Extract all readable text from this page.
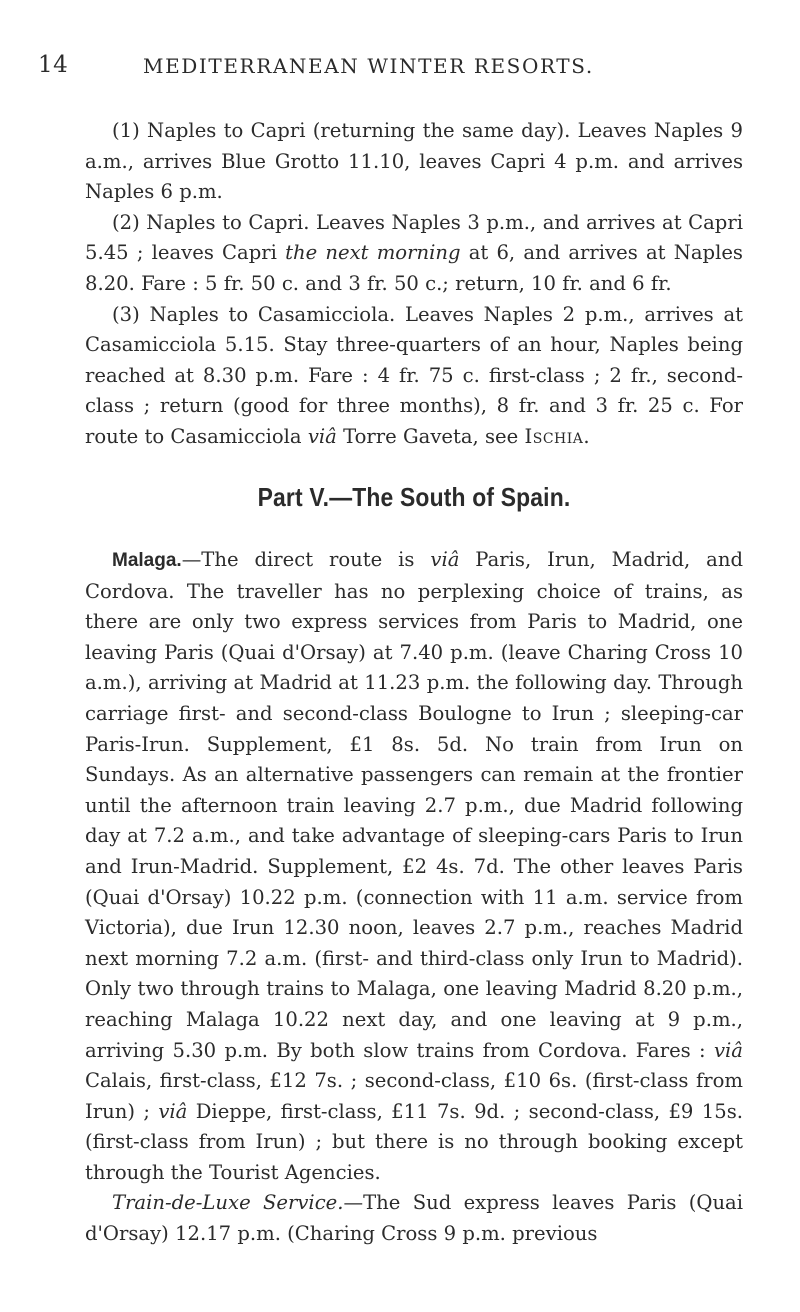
14	MEDITERRANEAN WINTER RESORTS.

(1) Naples to Capri (returning the same day). Leaves Naples 9 a.m., arrives Blue Grotto 11.10, leaves Capri 4 p.m. and arrives Naples 6 p.m.

(2) Naples to Capri. Leaves Naples 3 p.m., and arrives at Capri 5.45 ; leaves Capri the next morning at 6, and arrives at Naples 8.20. Fare : 5 fr. 50 c. and 3 fr. 50 c.; return, 10 fr. and 6 fr.

(3) Naples to Casamicciola. Leaves Naples 2 p.m., arrives at Casamicciola 5.15. Stay three-quarters of an hour, Naples being reached at 8.30 p.m. Fare : 4 fr. 75 c. first-class ; 2 fr., second-class ; return (good for three months), 8 fr. and 3 fr. 25 c. For route to Casamicciola viâ Torre Gaveta, see Ischia.

Part V.—The South of Spain.

Malaga.—The direct route is viâ Paris, Irun, Madrid, and Cordova. The traveller has no perplexing choice of trains, as there are only two express services from Paris to Madrid, one leaving Paris (Quai d'Orsay) at 7.40 p.m. (leave Charing Cross 10 a.m.), arriving at Madrid at 11.23 p.m. the following day. Through carriage first- and second-class Boulogne to Irun ; sleeping-car Paris-Irun. Supplement, £1 8s. 5d. No train from Irun on Sundays. As an alternative passengers can remain at the frontier until the afternoon train leaving 2.7 p.m., due Madrid following day at 7.2 a.m., and take advantage of sleeping-cars Paris to Irun and Irun-Madrid. Supplement, £2 4s. 7d. The other leaves Paris (Quai d'Orsay) 10.22 p.m. (connection with 11 a.m. service from Victoria), due Irun 12.30 noon, leaves 2.7 p.m., reaches Madrid next morning 7.2 a.m. (first- and third-class only Irun to Madrid). Only two through trains to Malaga, one leaving Madrid 8.20 p.m., reaching Malaga 10.22 next day, and one leaving at 9 p.m., arriving 5.30 p.m. By both slow trains from Cordova. Fares : viâ Calais, first-class, £12 7s. ; second-class, £10 6s. (first-class from Irun) ; viâ Dieppe, first-class, £11 7s. 9d. ; second-class, £9 15s. (first-class from Irun) ; but there is no through booking except through the Tourist Agencies.

Train-de-Luxe Service.—The Sud express leaves Paris (Quai d'Orsay) 12.17 p.m. (Charing Cross 9 p.m. previous
